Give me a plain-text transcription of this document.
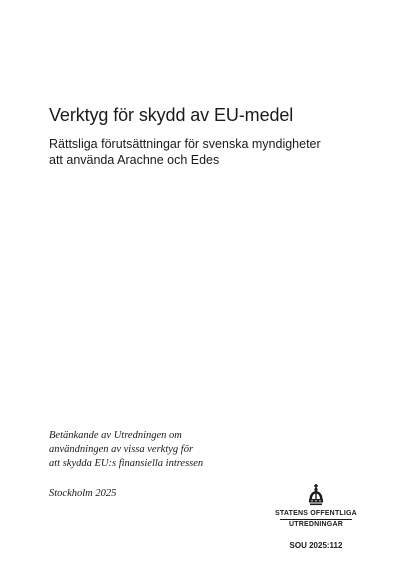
Verktyg för skydd av EU-medel
Rättsliga förutsättningar för svenska myndigheter
att använda Arachne och Edes
Betänkande av Utredningen om
användningen av vissa verktyg för
att skydda EU:s finansiella intressen
Stockholm 2025
STATENS OFFENTLIGA
UTREDNINGAR
SOU 2025:112
